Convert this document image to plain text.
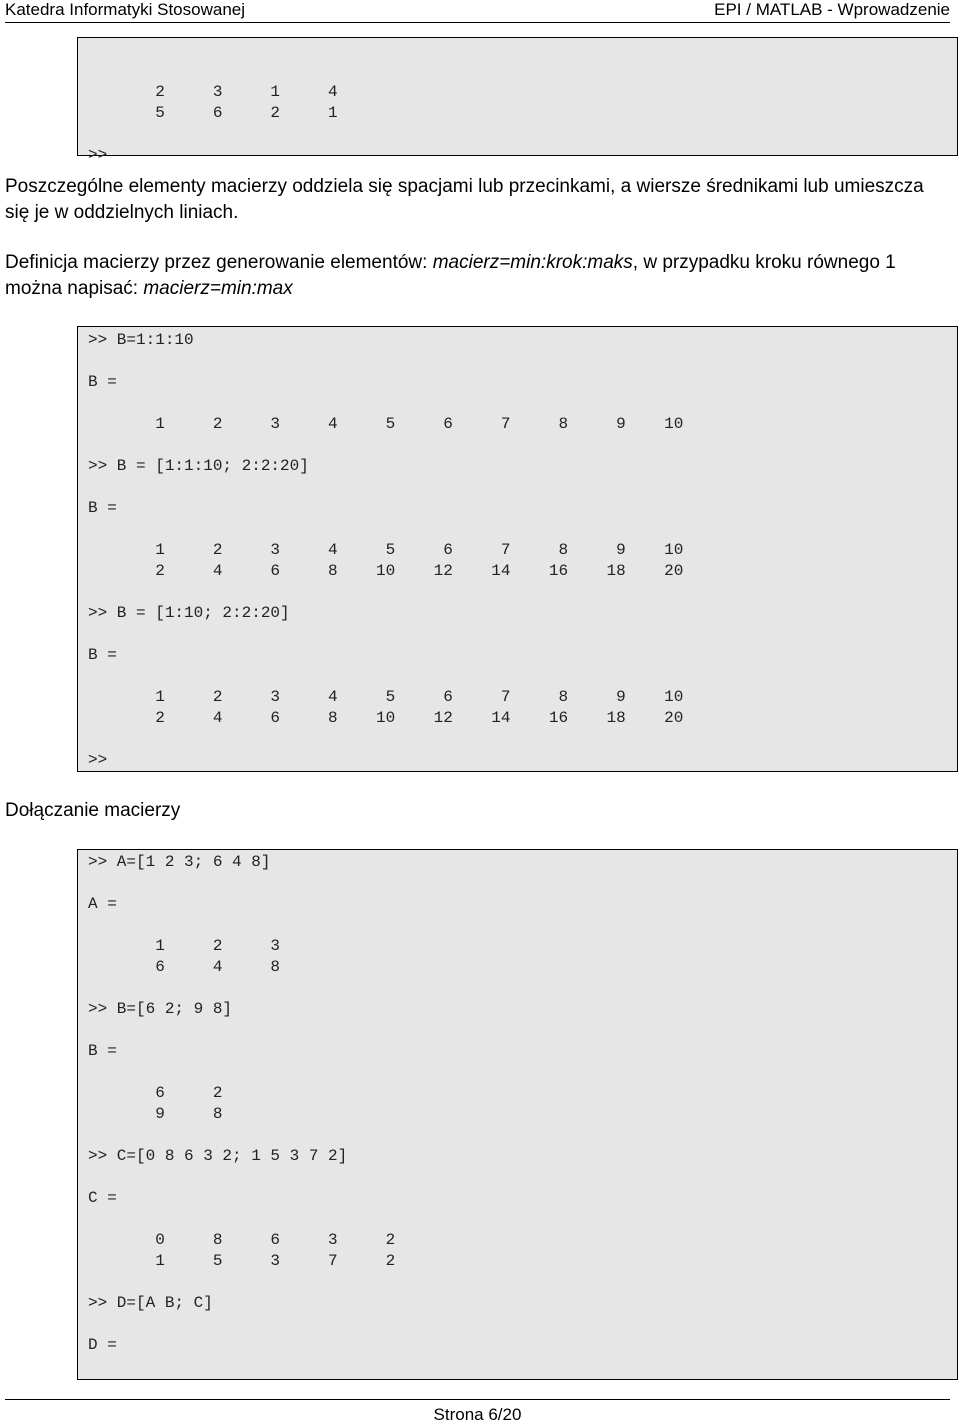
Katedra Informatyki Stosowanej	EPI / MATLAB - Wprowadzenie

2     3     1     4
5     6     2     1

>>
Poszczególne elementy macierzy oddziela się spacjami lub przecinkami, a wiersze średnikami lub umieszcza się je w oddzielnych liniach.
Definicja macierzy przez generowanie elementów: macierz=min:krok:maks, w przypadku kroku równego 1 można napisać: macierz=min:max
>> B=1:1:10

B =

1     2     3     4     5     6     7     8     9    10

>> B = [1:1:10; 2:2:20]

B =

1     2     3     4     5     6     7     8     9    10
2     4     6     8    10    12    14    16    18    20

>> B = [1:10; 2:2:20]

B =

1     2     3     4     5     6     7     8     9    10
2     4     6     8    10    12    14    16    18    20

>>
Dołączanie macierzy
>> A=[1 2 3; 6 4 8]

A =

1     2     3
6     4     8

>> B=[6 2; 9 8]

B =

6     2
9     8

>> C=[0 8 6 3 2; 1 5 3 7 2]

C =

0     8     6     3     2
1     5     3     7     2

>> D=[A B; C]

D =
Strona 6/20
